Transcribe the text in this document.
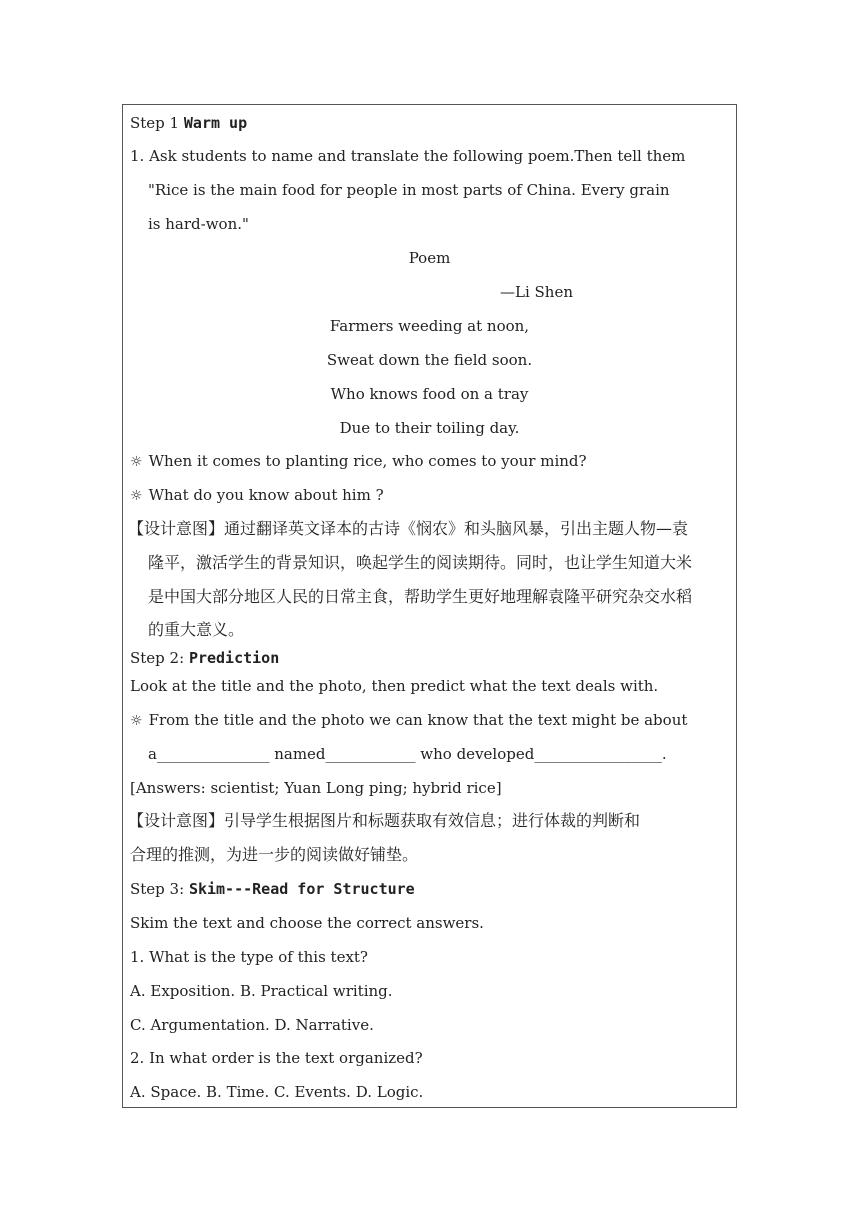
Step 1 Warm up
1. Ask students to name and translate the following poem.Then tell them
"Rice is the main food for people in most parts of China. Every grain
is hard-won."
Poem
—Li Shen
Farmers weeding at noon,
Sweat down the field soon.
Who knows food on a tray
Due to their toiling day.
☼ When it comes to planting rice, who comes to your mind?
☼ What do you know about him ?
【设计意图】通过翻译英文译本的古诗《悯农》和头脑风暴，引出主题人物—袁
隆平，激活学生的背景知识，唤起学生的阅读期待。同时，也让学生知道大米
是中国大部分地区人民的日常主食，帮助学生更好地理解袁隆平研究杂交水稻
的重大意义。
Step 2: Prediction
Look at the title and the photo, then predict what the text deals with.
☼ From the title and the photo we can know that the text might be about
a_______________ named____________ who developed_________________.
[Answers: scientist; Yuan Long ping; hybrid rice]
【设计意图】引导学生根据图片和标题获取有效信息；进行体裁的判断和
合理的推测，为进一步的阅读做好铺垫。
Step 3: Skim---Read for Structure
Skim the text and choose the correct answers.
1. What is the type of this text?
A. Exposition. B. Practical writing.
C. Argumentation. D. Narrative.
2. In what order is the text organized?
A. Space. B. Time. C. Events. D. Logic.
